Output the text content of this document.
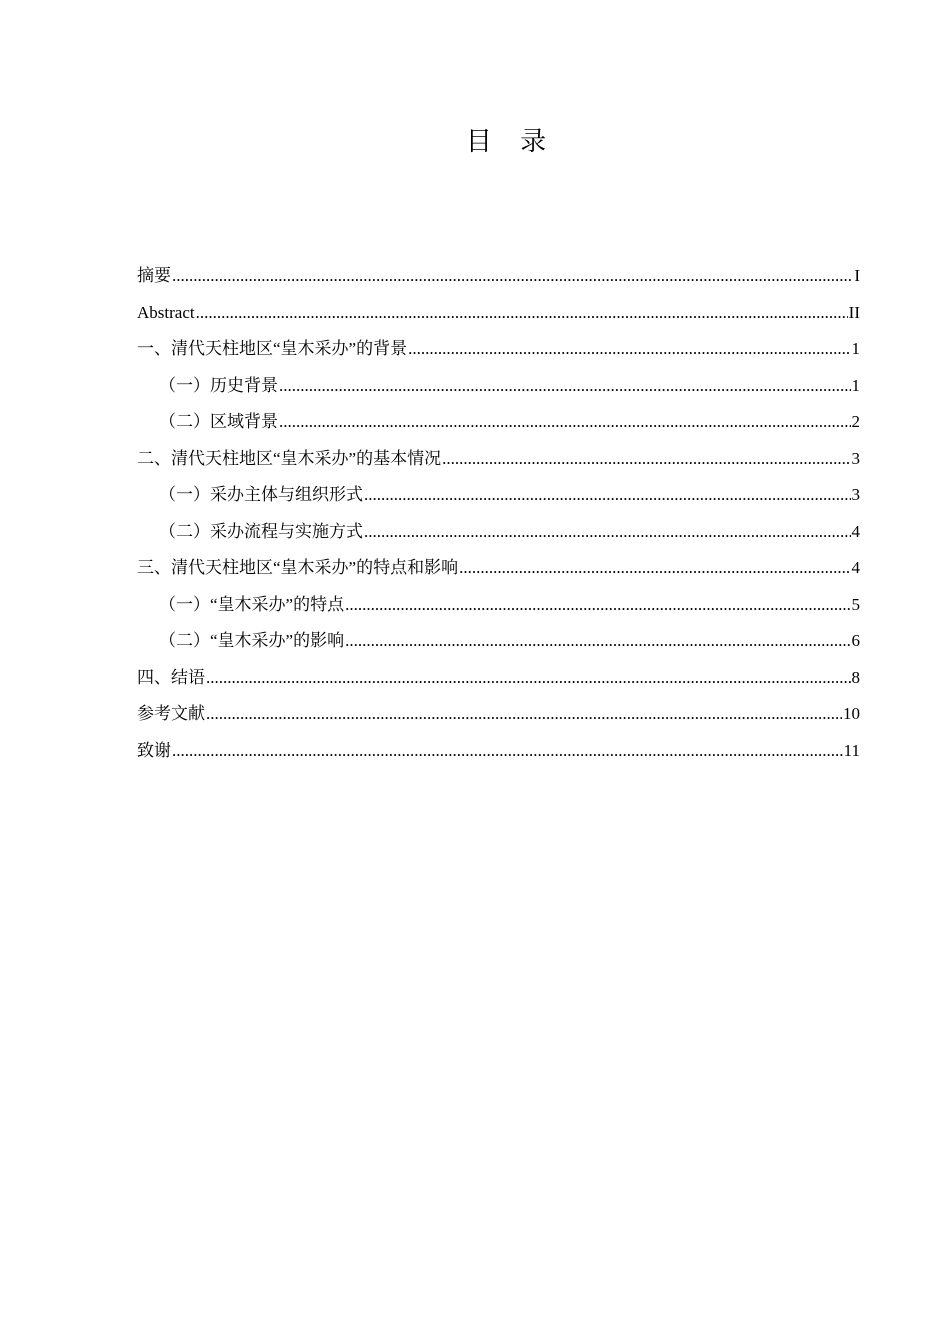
目 录
摘要 .....	I
Abstract .....	II
一、清代天柱地区“皇木采办”的背景 .....	1
（一）历史背景 .....	1
（二）区域背景 .....	2
二、清代天柱地区“皇木采办”的基本情况 .....	3
（一）采办主体与组织形式 .....	3
（二）采办流程与实施方式 .....	4
三、清代天柱地区“皇木采办”的特点和影响 .....	4
（一）“皇木采办”的特点 .....	5
（二）“皇木采办”的影响 .....	6
四、结语 .....	8
参考文献 .....	10
致谢 .....	11
